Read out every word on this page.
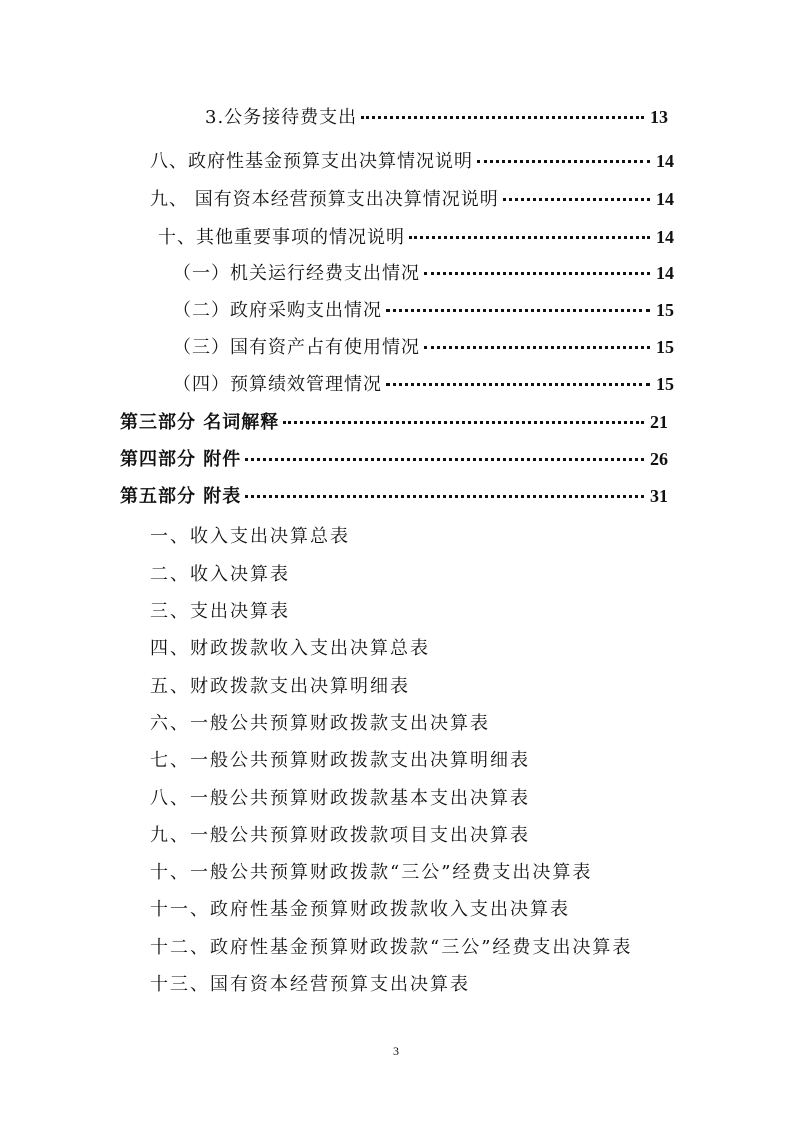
3.公务接待费支出	13
八、政府性基金预算支出决算情况说明	14
九、 国有资本经营预算支出决算情况说明	14
十、其他重要事项的情况说明	14
（一）机关运行经费支出情况	14
（二）政府采购支出情况	15
（三）国有资产占有使用情况	15
（四）预算绩效管理情况	15
第三部分 名词解释	21
第四部分 附件	26
第五部分 附表	31
一、收入支出决算总表
二、收入决算表
三、支出决算表
四、财政拨款收入支出决算总表
五、财政拨款支出决算明细表
六、一般公共预算财政拨款支出决算表
七、一般公共预算财政拨款支出决算明细表
八、一般公共预算财政拨款基本支出决算表
九、一般公共预算财政拨款项目支出决算表
十、一般公共预算财政拨款“三公”经费支出决算表
十一、政府性基金预算财政拨款收入支出决算表
十二、政府性基金预算财政拨款“三公”经费支出决算表
十三、国有资本经营预算支出决算表
3
